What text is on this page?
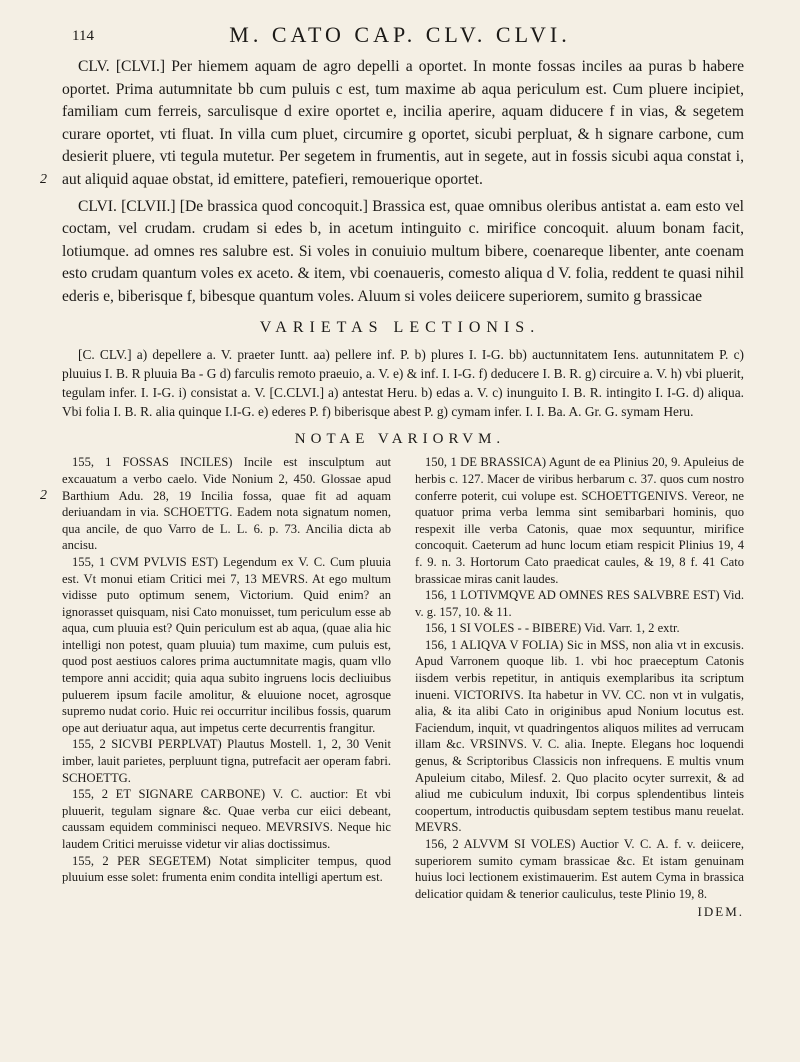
114	M. CATO CAP. CLV. CLVI.
2

CLV. [CLVI.] Per hiemem aquam de agro depelli a oportet. In monte fossas inciles aa puras b habere oportet. Prima autumnitate bb cum puluis c est, tum maxime ab aqua periculum est. Cum pluere incipiet, familiam cum ferreis, sarculisque d exire oportet e, incilia aperire, aquam diducere f in vias, & segetem curare oportet, vti fluat. In villa cum pluet, circumire g oportet, sicubi perpluat, & h signare carbone, cum desierit pluere, vti tegula mutetur. Per segetem in frumentis, aut in segete, aut in fossis sicubi aqua constat i, aut aliquid aquae obstat, id emittere, patefieri, remouerique oportet.

2

CLVI. [CLVII.] [De brassica quod concoquit.] Brassica est, quae omnibus oleribus antistat a. eam esto vel coctam, vel crudam. crudam si edes b, in acetum intinguito c. mirifice concoquit. aluum bonam facit, lotiumque. ad omnes res salubre est. Si voles in conuiuio multum bibere, coenareque libenter, ante coenam esto crudam quantum voles ex aceto. & item, vbi coenaueris, comesto aliqua d V. folia, reddent te quasi nihil ederis e, biberisque f, bibesque quantum voles. Aluum si voles deiicere superiorem, sumito g brassicae

VARIETAS LECTIONIS.
[C. CLV.] a) depellere a. V. praeter Iuntt. aa) pellere inf. P. b) plures I. I-G. bb) auctunnitatem Iens. autunnitatem P. c) pluuius I. B. R pluuia Ba - G d) farculis remoto praeuio, a. V. e) & inf. I. I-G. f) deducere I. B. R. g) circuire a. V. h) vbi pluerit, tegulam infer. I. I-G. i) consistat a. V. [C.CLVI.] a) antestat Heru. b) edas a. V. c) inunguito I. B. R. intingito I. I-G. d) aliqua. Vbi folia I. B. R. alia quinque I.I-G. e) ederes P. f) biberisque abest P. g) cymam infer. I. I. Ba. A. Gr. G. symam Heru.
NOTAE VARIORVM.

155, 1 FOSSAS INCILES) Incile est insculptum aut excauatum a verbo caelo. Vide Nonium 2, 450. Glossae apud Barthium Adu. 28, 19 Incilia fossa, quae fit ad aquam deriuandam in via. SCHOETTG. Eadem nota signatum nomen, qua ancile, de quo Varro de L. L. 6. p. 73. Ancilia dicta ab ancisu.

155, 1 CVM PVLVIS EST) Legendum ex V. C. Cum pluuia est. Vt monui etiam Critici mei 7, 13 MEVRS. At ego multum vidisse puto optimum senem, Victorium. Quid enim? an ignorasset quisquam, nisi Cato monuisset, tum periculum esse ab aqua, cum pluuia est? Quin periculum est ab aqua, (quae alia hic intelligi non potest, quam pluuia) tum maxime, cum puluis est, quod post aestiuos calores prima auctumnitate magis, quam vllo tempore anni accidit; quia aqua subito ingruens locis decliuibus puluerem ipsum facile amolitur, & eluuione nocet, agrosque supremo nudat corio. Huic rei occurritur incilibus fossis, quarum ope aut deriuatur aqua, aut impetus certe decurrentis frangitur.

155, 2 SICVBI PERPLVAT) Plautus Mostell. 1, 2, 30 Venit imber, lauit parietes, perpluunt tigna, putrefacit aer operam fabri. SCHOETTG.

155, 2 ET SIGNARE CARBONE) V. C. auctior: Et vbi pluuerit, tegulam signare &c. Quae verba cur eiici debeant, caussam equidem comminisci nequeo. MEVRSIVS. Neque hic laudem Critici meruisse videtur vir alias doctissimus.

155, 2 PER SEGETEM) Notat simpliciter tempus, quod pluuium esse solet: frumenta enim condita intelligi apertum est.

150, 1 DE BRASSICA) Agunt de ea Plinius 20, 9. Apuleius de herbis c. 127. Macer de viribus herbarum c. 37. quos cum nostro conferre poterit, cui volupe est. SCHOETTGENIVS. Vereor, ne quatuor prima verba lemma sint semibarbari hominis, quo respexit ille verba Catonis, quae mox sequuntur, mirifice concoquit. Caeterum ad hunc locum etiam respicit Plinius 19, 4 f. 9. n. 3. Hortorum Cato praedicat caules, & 19, 8 f. 41 Cato brassicae miras canit laudes.

156, 1 LOTIVMQVE AD OMNES RES SALVBRE EST) Vid. v. g. 157, 10. & 11.

156, 1 SI VOLES - - BIBERE) Vid. Varr. 1, 2 extr.

156, 1 ALIQVA V FOLIA) Sic in MSS, non alia vt in excusis. Apud Varronem quoque lib. 1. vbi hoc praeceptum Catonis iisdem verbis repetitur, in antiquis exemplaribus ita scriptum inueni. VICTORIVS. Ita habetur in VV. CC. non vt in vulgatis, alia, & ita alibi Cato in originibus apud Nonium locutus est. Faciendum, inquit, vt quadringentos aliquos milites ad verrucam illam &c. VRSINVS. V. C. alia. Inepte. Elegans hoc loquendi genus, & Scriptoribus Classicis non infrequens. E multis vnum Apuleium citabo, Milesf. 2. Quo placito ocyter surrexit, & ad aliud me cubiculum induxit, Ibi corpus splendentibus linteis coopertum, introductis quibusdam septem testibus manu reuelat. MEVRS.

156, 2 ALVVM SI VOLES) Auctior V. C. A. f. v. deiicere, superiorem sumito cymam brassicae &c. Et istam genuinam huius loci lectionem existimauerim. Est autem Cyma in brassica delicatior quidam & tenerior cauliculus, teste Plinio 19, 8.

IDEM.
